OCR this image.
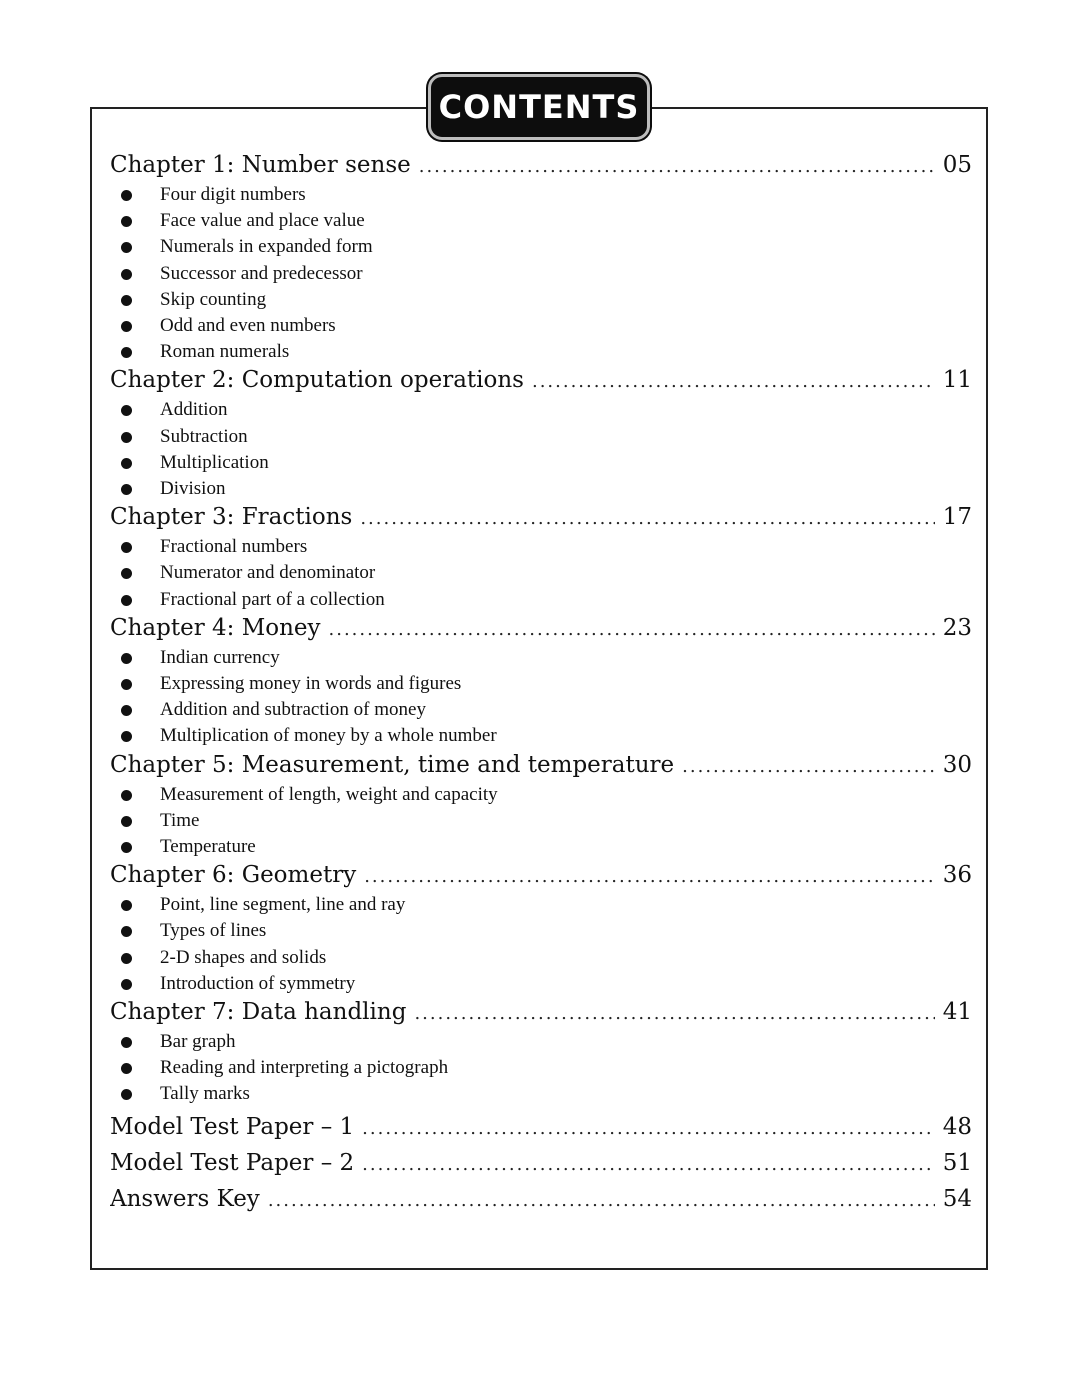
CONTENTS
Chapter 1: Number sense .....	05
Four digit numbers
Face value and place value
Numerals in expanded form
Successor and predecessor
Skip counting
Odd and even numbers
Roman numerals
Chapter 2: Computation operations .....	11
Addition
Subtraction
Multiplication
Division
Chapter 3: Fractions .....	17
Fractional numbers
Numerator and denominator
Fractional part of a collection
Chapter 4: Money .....	23
Indian currency
Expressing money in words and figures
Addition and subtraction of money
Multiplication of money by a whole number
Chapter 5: Measurement, time and temperature .....	30
Measurement of length, weight and capacity
Time
Temperature
Chapter 6: Geometry .....	36
Point, line segment, line and ray
Types of lines
2-D shapes and solids
Introduction of symmetry
Chapter 7: Data handling .....	41
Bar graph
Reading and interpreting a pictograph
Tally marks
Model Test Paper – 1 .....	48
Model Test Paper – 2 .....	51
Answers Key .....	54
